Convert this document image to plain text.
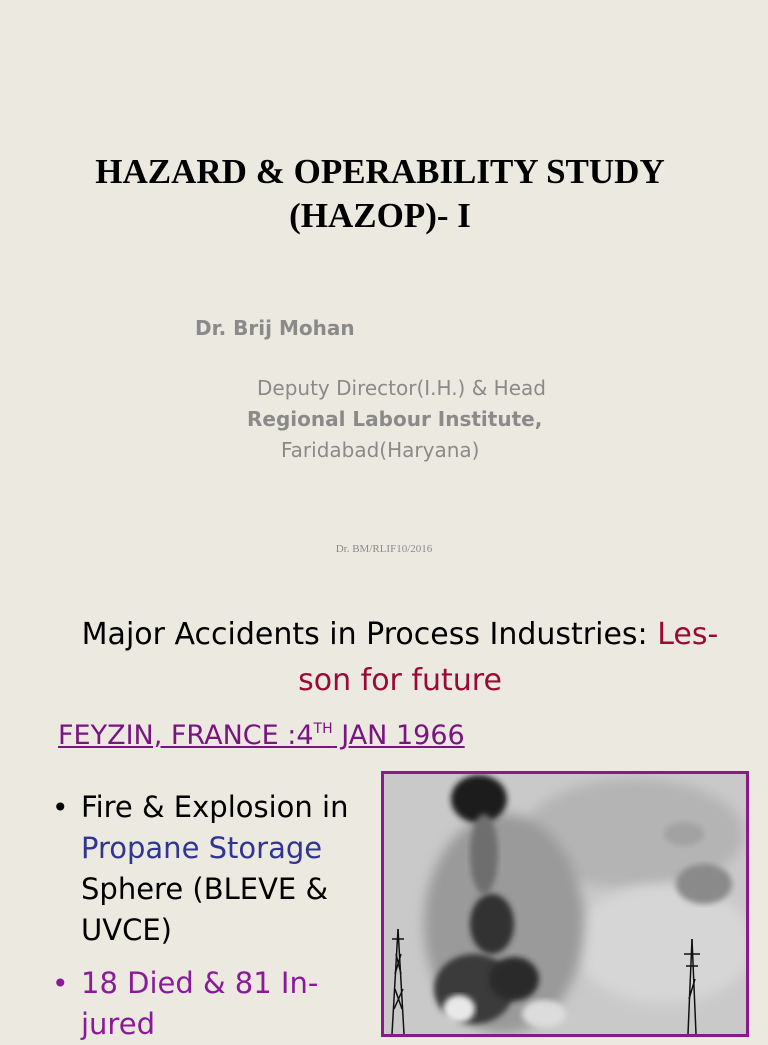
HAZARD & OPERABILITY STUDY
(HAZOP)- I
Dr. Brij Mohan
Deputy Director(I.H.) & Head
Regional Labour Institute,
Faridabad(Haryana)
Dr. BM/RLIF10/2016
Major Accidents in Process Industries: Les-
son for future
FEYZIN, FRANCE :4TH JAN 1966
• Fire & Explosion in
Propane Storage
Sphere (BLEVE &
UVCE)
• 18 Died & 81 In-
jured
